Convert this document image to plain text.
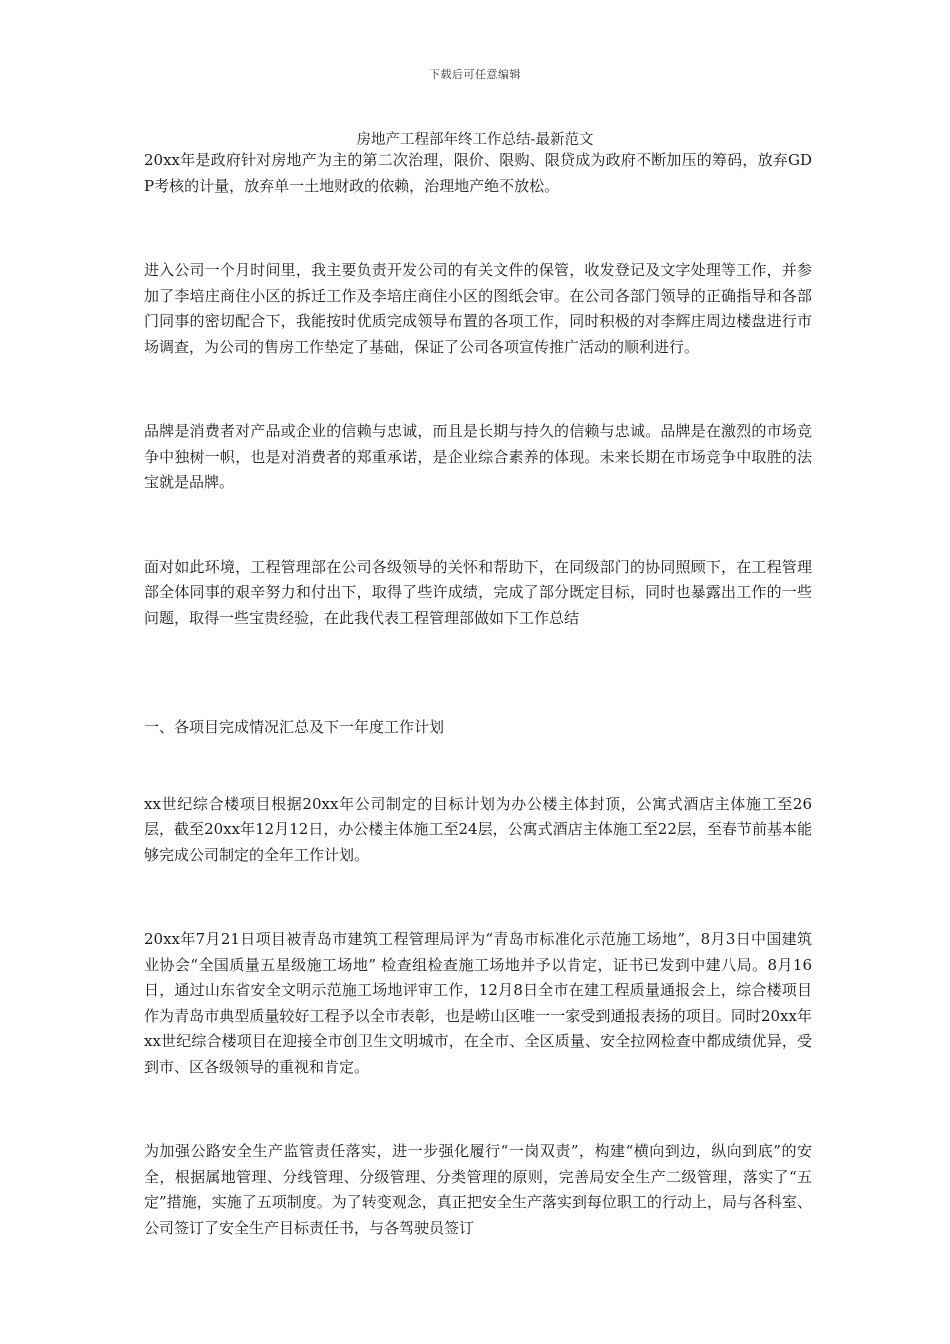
下载后可任意编辑
房地产工程部年终工作总结-最新范文

20xx年是政府针对房地产为主的第二次治理，限价、限购、限贷成为政府不断加压的筹码，放弃GDP考核的计量，放弃单一土地财政的依赖，治理地产绝不放松。

进入公司一个月时间里，我主要负责开发公司的有关文件的保管，收发登记及文字处理等工作，并参加了李培庄商住小区的拆迁工作及李培庄商住小区的图纸会审。在公司各部门领导的正确指导和各部门同事的密切配合下，我能按时优质完成领导布置的各项工作，同时积极的对李辉庄周边楼盘进行市场调查，为公司的售房工作垫定了基础，保证了公司各项宣传推广活动的顺利进行。

品牌是消费者对产品或企业的信赖与忠诚，而且是长期与持久的信赖与忠诚。品牌是在激烈的市场竞争中独树一帜，也是对消费者的郑重承诺，是企业综合素养的体现。未来长期在市场竞争中取胜的法宝就是品牌。

面对如此环境，工程管理部在公司各级领导的关怀和帮助下，在同级部门的协同照顾下，在工程管理部全体同事的艰辛努力和付出下，取得了些许成绩，完成了部分既定目标，同时也暴露出工作的一些问题，取得一些宝贵经验，在此我代表工程管理部做如下工作总结

一、各项目完成情况汇总及下一年度工作计划

xx世纪综合楼项目根据20xx年公司制定的目标计划为办公楼主体封顶，公寓式酒店主体施工至26层，截至20xx年12月12日，办公楼主体施工至24层，公寓式酒店主体施工至22层，至春节前基本能够完成公司制定的全年工作计划。

20xx年7月21日项目被青岛市建筑工程管理局评为“青岛市标准化示范施工场地”，8月3日中国建筑业协会“全国质量五星级施工场地” 检查组检查施工场地并予以肯定，证书已发到中建八局。8月16日，通过山东省安全文明示范施工场地评审工作，12月8日全市在建工程质量通报会上，综合楼项目作为青岛市典型质量较好工程予以全市表彰，也是崂山区唯一一家受到通报表扬的项目。同时20xx年xx世纪综合楼项目在迎接全市创卫生文明城市，在全市、全区质量、安全拉网检查中都成绩优异，受到市、区各级领导的重视和肯定。

为加强公路安全生产监管责任落实，进一步强化履行“一岗双责”，构建“横向到边，纵向到底”的安全，根据属地管理、分线管理、分级管理、分类管理的原则，完善局安全生产二级管理，落实了“五定”措施，实施了五项制度。为了转变观念，真正把安全生产落实到每位职工的行动上，局与各科室、公司签订了安全生产目标责任书，与各驾驶员签订
